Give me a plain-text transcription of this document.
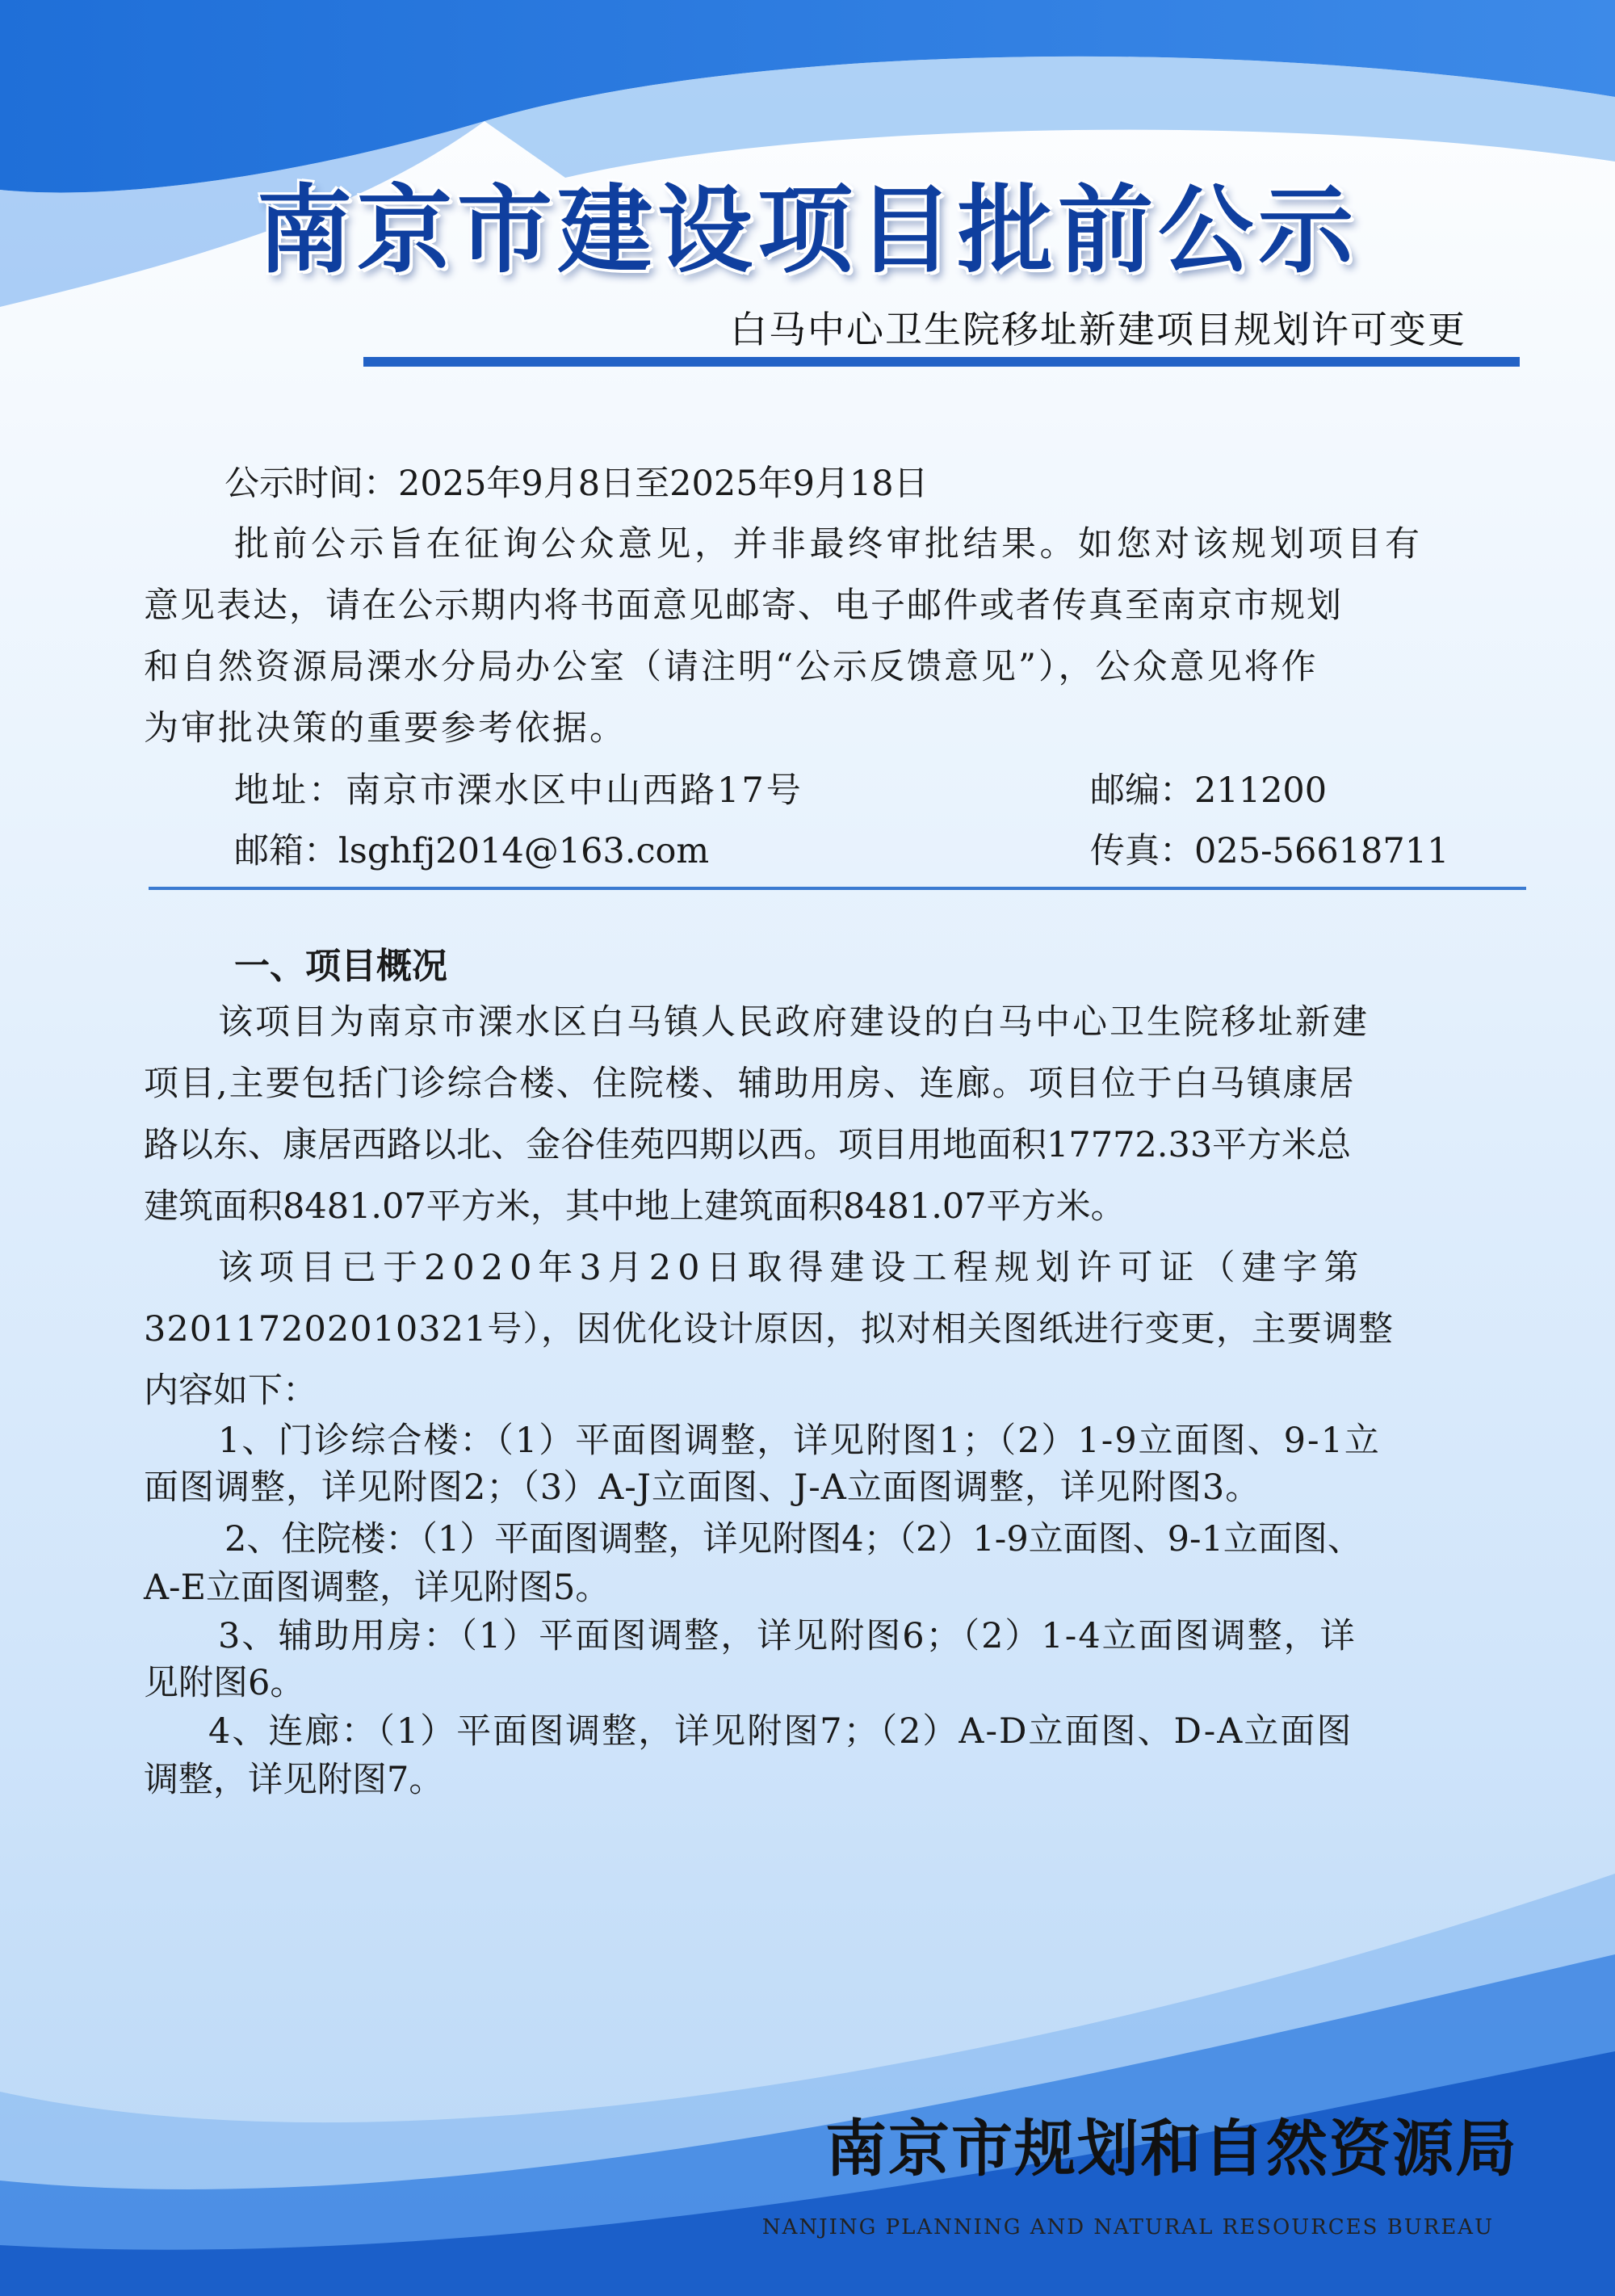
南京市建设项目批前公示
白马中心卫生院移址新建项目规划许可变更
公示时间：2025年9月8日至2025年9月18日
批前公示旨在征询公众意见，并非最终审批结果。如您对该规划项目有
意见表达，请在公示期内将书面意见邮寄、电子邮件或者传真至南京市规划
和自然资源局溧水分局办公室（请注明“公示反馈意见”），公众意见将作
为审批决策的重要参考依据。
地址：南京市溧水区中山西路17号	邮编：211200
邮箱：lsghfj2014@163.com	传真：025-56618711
一、项目概况
该项目为南京市溧水区白马镇人民政府建设的白马中心卫生院移址新建
项目,主要包括门诊综合楼、住院楼、辅助用房、连廊。项目位于白马镇康居
路以东、康居西路以北、金谷佳苑四期以西。项目用地面积17772.33平方米总
建筑面积8481.07平方米，其中地上建筑面积8481.07平方米。
该项目已于2020年3月20日取得建设工程规划许可证（建字第
320117202010321号），因优化设计原因，拟对相关图纸进行变更，主要调整
内容如下：
1、门诊综合楼：（1）平面图调整，详见附图1；（2）1-9立面图、9-1立
面图调整，详见附图2；（3）A-J立面图、J-A立面图调整，详见附图3。
2、住院楼：（1）平面图调整，详见附图4；（2）1-9立面图、9-1立面图、
A-E立面图调整，详见附图5。
3、辅助用房：（1）平面图调整，详见附图6；（2）1-4立面图调整，详
见附图6。
4、连廊：（1）平面图调整，详见附图7；（2）A-D立面图、D-A立面图
调整，详见附图7。
南京市规划和自然资源局
NANJING PLANNING AND NATURAL RESOURCES BUREAU
